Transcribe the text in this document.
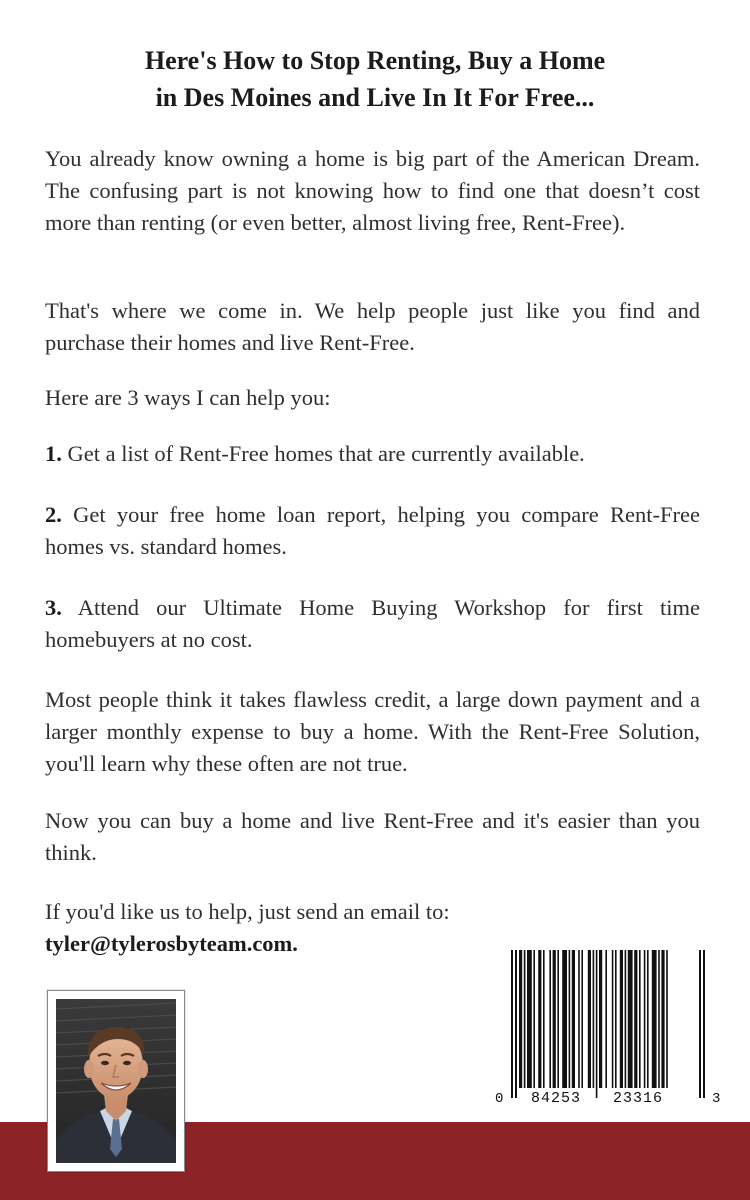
Here's How to Stop Renting, Buy a Home
in Des Moines and Live In It For Free...

You already know owning a home is big part of the American Dream. The confusing part is not knowing how to find one that doesn’t cost more than renting (or even better, almost living free, Rent-Free).

That's where we come in. We help people just like you find and purchase their homes and live Rent-Free.

Here are 3 ways I can help you:

1. Get a list of Rent-Free homes that are currently available.

2. Get your free home loan report, helping you compare Rent-Free homes vs. standard homes.

3. Attend our Ultimate Home Buying Workshop for first time homebuyers at no cost.

Most people think it takes flawless credit, a large down payment and a larger monthly expense to buy a home. With the Rent-Free Solution, you'll learn why these often are not true.

Now you can buy a home and live Rent-Free and it's easier than you think.

If you'd like us to help, just send an email to:
tyler@tylerosbyteam.com.

0 84253 23316	3
